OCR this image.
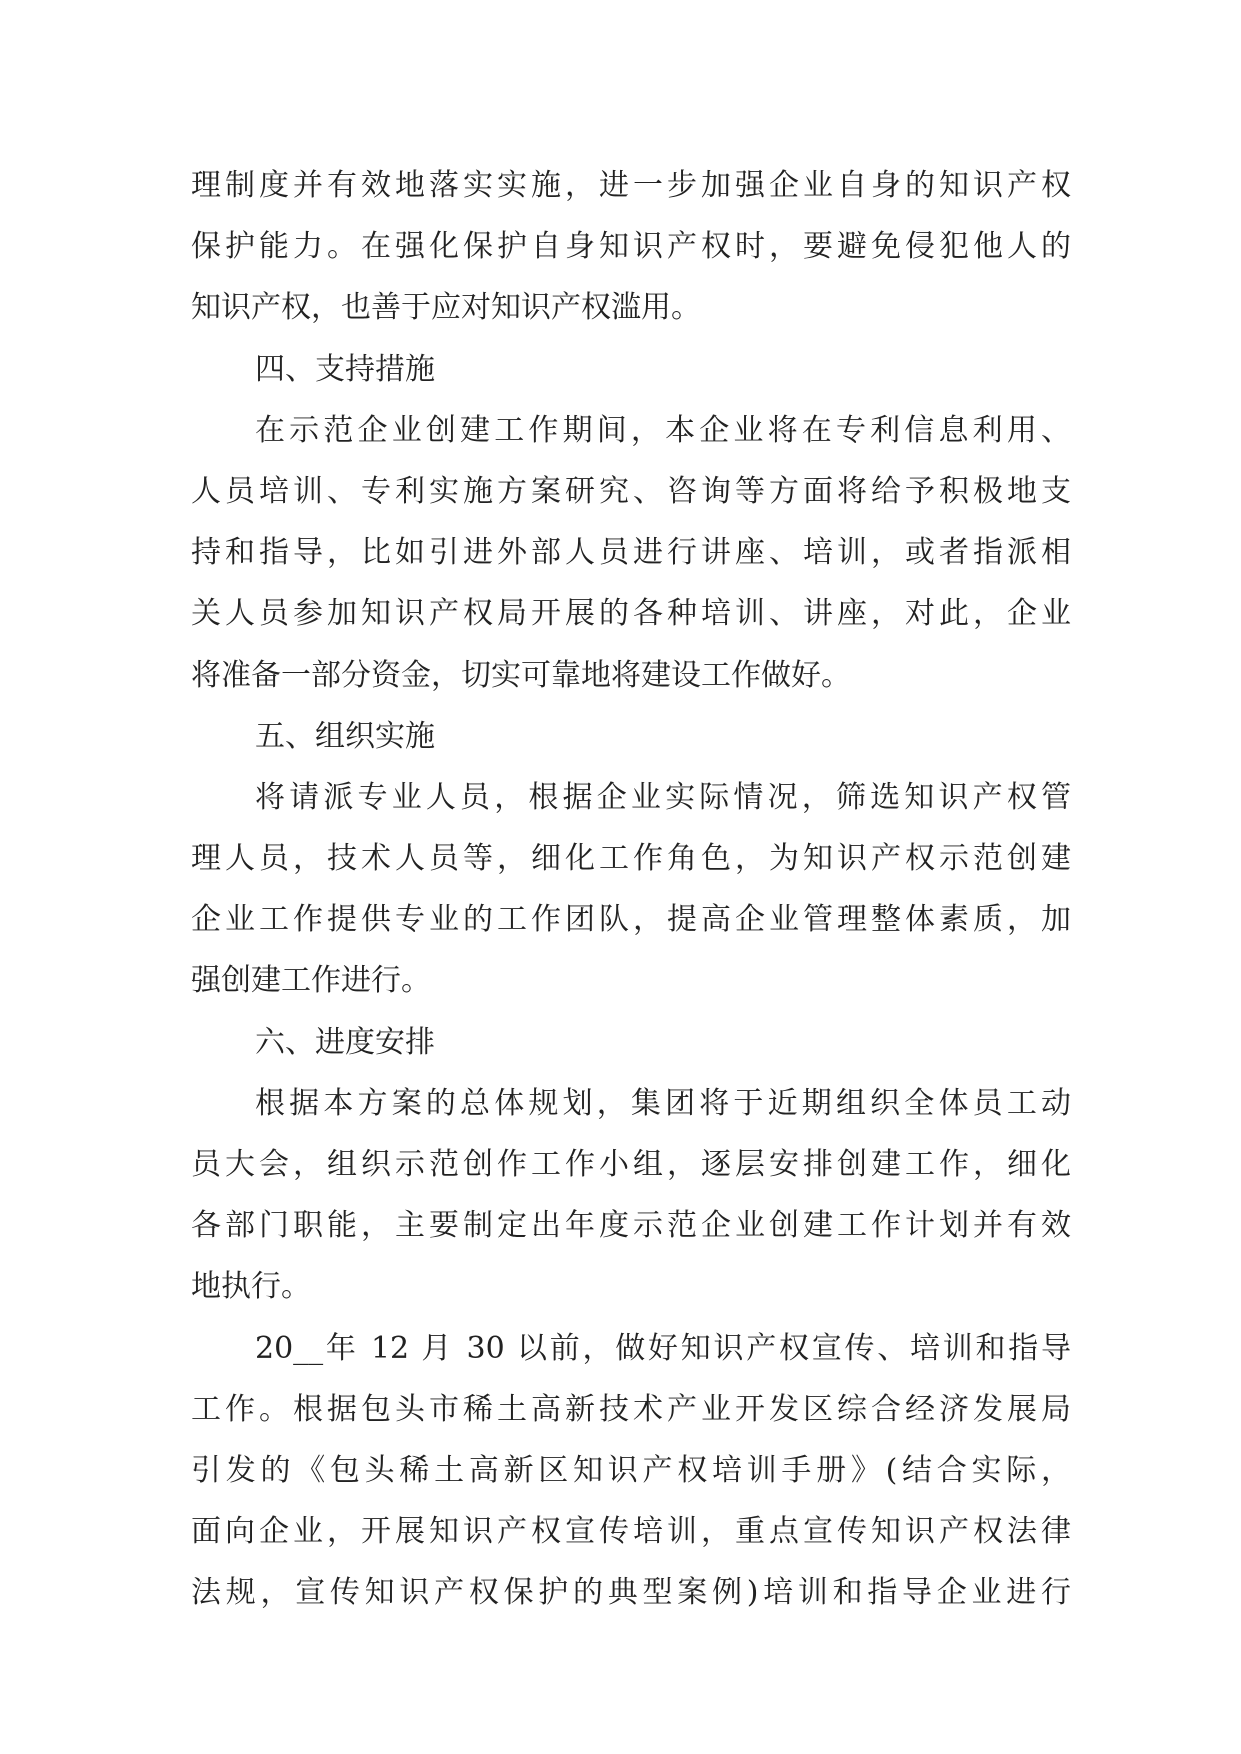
理制度并有效地落实实施，进一步加强企业自身的知识产权
保护能力。在强化保护自身知识产权时，要避免侵犯他人的
知识产权，也善于应对知识产权滥用。
四、支持措施
在示范企业创建工作期间，本企业将在专利信息利用、
人员培训、专利实施方案研究、咨询等方面将给予积极地支
持和指导，比如引进外部人员进行讲座、培训，或者指派相
关人员参加知识产权局开展的各种培训、讲座，对此，企业
将准备一部分资金，切实可靠地将建设工作做好。
五、组织实施
将请派专业人员，根据企业实际情况，筛选知识产权管
理人员，技术人员等，细化工作角色，为知识产权示范创建
企业工作提供专业的工作团队，提高企业管理整体素质，加
强创建工作进行。
六、进度安排
根据本方案的总体规划，集团将于近期组织全体员工动
员大会，组织示范创作工作小组，逐层安排创建工作，细化
各部门职能，主要制定出年度示范企业创建工作计划并有效
地执行。
20__年 12 月 30 以前，做好知识产权宣传、培训和指导
工作。根据包头市稀土高新技术产业开发区综合经济发展局
引发的《包头稀土高新区知识产权培训手册》(结合实际，
面向企业，开展知识产权宣传培训，重点宣传知识产权法律
法规，宣传知识产权保护的典型案例)培训和指导企业进行
